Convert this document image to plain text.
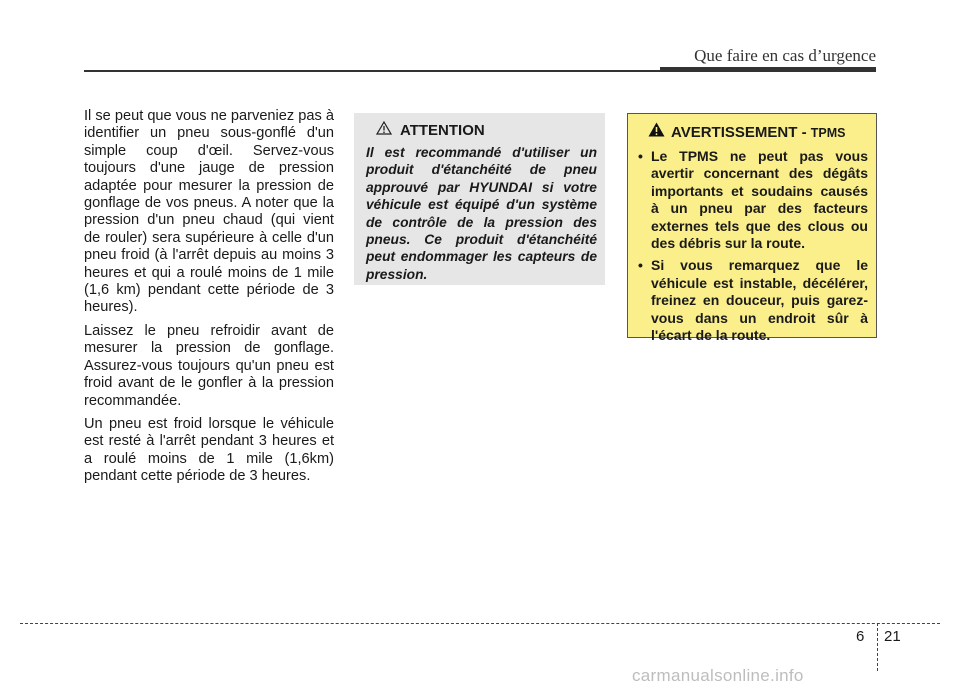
Que faire en cas d’urgence

Il se peut que vous ne parveniez pas à identifier un pneu sous-gonflé d'un simple coup d'œil. Servez-vous toujours d'une jauge de pression adaptée pour mesurer la pression de gonflage de vos pneus. A noter que la pression d'un pneu chaud (qui vient de rouler) sera supérieure à celle d'un pneu froid (à l'arrêt depuis au moins 3 heures et qui a roulé moins de 1 mile (1,6 km) pendant cette période de 3 heures).

Laissez le pneu refroidir avant de mesurer la pression de gonflage. Assurez-vous toujours qu'un pneu est froid avant de le gonfler à la pression recommandée.

Un pneu est froid lorsque le véhicule est resté à l'arrêt pendant 3 heures et a roulé moins de 1 mile (1,6km) pendant cette période de 3 heures.

ATTENTION
Il est recommandé d'utiliser un produit d'étanchéité de pneu approuvé par HYUNDAI si votre véhicule est équipé d'un système de contrôle de la pression des pneus. Ce produit d'étanchéité peut endommager les capteurs de pression.
AVERTISSEMENT - TPMS
• Le TPMS ne peut pas vous avertir concernant des dégâts importants et soudains causés à un pneu par des facteurs externes tels que des clous ou des débris sur la route.
• Si vous remarquez que le véhicule est instable, décélérer, freinez en douceur, puis garez-vous dans un endroit sûr à l'écart de la route.
6 21
carmanualsonline.info
